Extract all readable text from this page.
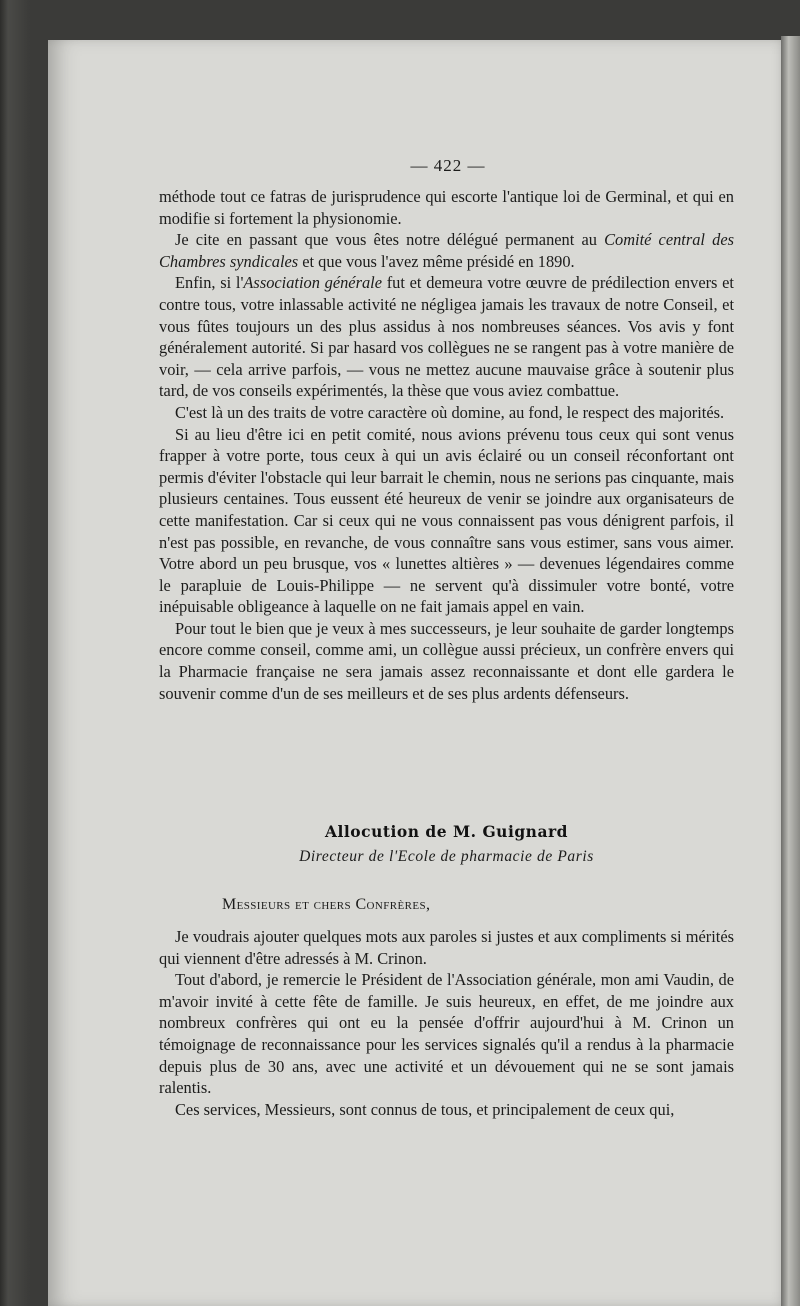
— 422 —

méthode tout ce fatras de jurisprudence qui escorte l'antique loi de Germinal, et qui en modifie si fortement la physionomie.

Je cite en passant que vous êtes notre délégué permanent au Comité central des Chambres syndicales et que vous l'avez même présidé en 1890.

Enfin, si l'Association générale fut et demeura votre œuvre de prédilection envers et contre tous, votre inlassable activité ne négligea jamais les travaux de notre Conseil, et vous fûtes toujours un des plus assidus à nos nombreuses séances. Vos avis y font généralement autorité. Si par hasard vos collègues ne se rangent pas à votre manière de voir, — cela arrive parfois, — vous ne mettez aucune mauvaise grâce à soutenir plus tard, de vos conseils expérimentés, la thèse que vous aviez combattue.

C'est là un des traits de votre caractère où domine, au fond, le respect des majorités.

Si au lieu d'être ici en petit comité, nous avions prévenu tous ceux qui sont venus frapper à votre porte, tous ceux à qui un avis éclairé ou un conseil réconfortant ont permis d'éviter l'obstacle qui leur barrait le chemin, nous ne serions pas cinquante, mais plusieurs centaines. Tous eussent été heureux de venir se joindre aux organisateurs de cette manifestation. Car si ceux qui ne vous connaissent pas vous dénigrent parfois, il n'est pas possible, en revanche, de vous connaître sans vous estimer, sans vous aimer. Votre abord un peu brusque, vos « lunettes altières » — devenues légendaires comme le parapluie de Louis-Philippe — ne servent qu'à dissimuler votre bonté, votre inépuisable obligeance à laquelle on ne fait jamais appel en vain.

Pour tout le bien que je veux à mes successeurs, je leur souhaite de garder longtemps encore comme conseil, comme ami, un collègue aussi précieux, un confrère envers qui la Pharmacie française ne sera jamais assez reconnaissante et dont elle gardera le souvenir comme d'un de ses meilleurs et de ses plus ardents défenseurs.

Allocution de M. Guignard
Directeur de l'Ecole de pharmacie de Paris
Messieurs et chers Confrères,

Je voudrais ajouter quelques mots aux paroles si justes et aux compliments si mérités qui viennent d'être adressés à M. Crinon.

Tout d'abord, je remercie le Président de l'Association générale, mon ami Vaudin, de m'avoir invité à cette fête de famille. Je suis heureux, en effet, de me joindre aux nombreux confrères qui ont eu la pensée d'offrir aujourd'hui à M. Crinon un témoignage de reconnaissance pour les services signalés qu'il a rendus à la pharmacie depuis plus de 30 ans, avec une activité et un dévouement qui ne se sont jamais ralentis.

Ces services, Messieurs, sont connus de tous, et principalement de ceux qui,
